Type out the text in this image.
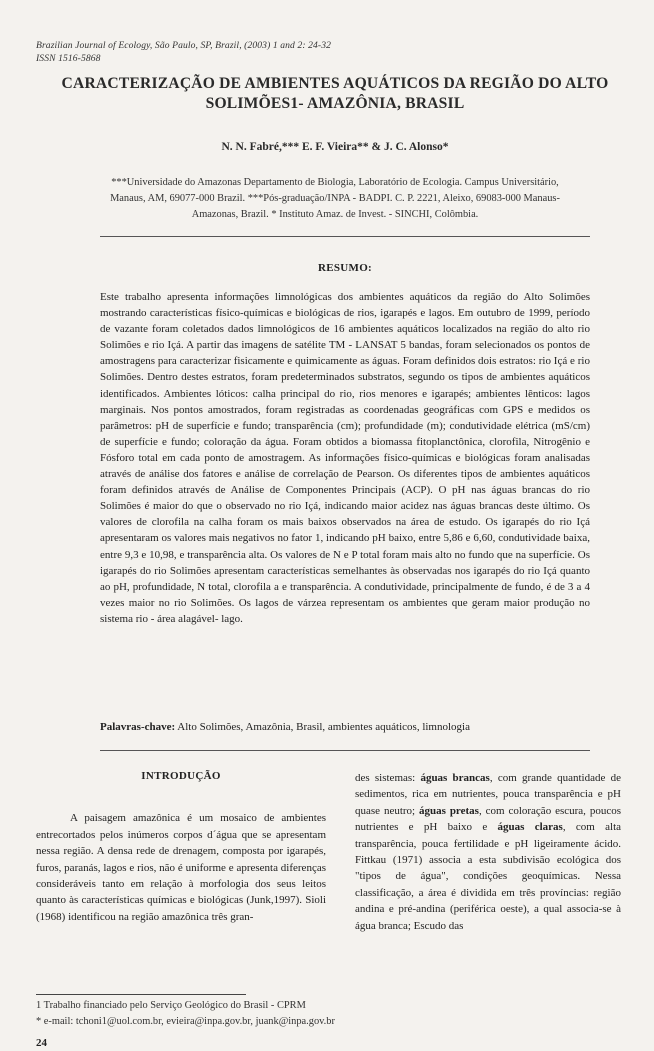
Brazilian Journal of Ecology, São Paulo, SP, Brazil, (2003) 1 and 2: 24-32
ISSN 1516-5868
CARACTERIZAÇÃO DE AMBIENTES AQUÁTICOS DA REGIÃO DO ALTO
SOLIMÕES1- AMAZÔNIA, BRASIL
N. N. Fabré,*** E. F. Vieira** & J. C. Alonso*
***Universidade do Amazonas Departamento de Biologia, Laboratório de Ecologia. Campus Universitário,
Manaus, AM, 69077-000 Brazil. ***Pós-graduação/INPA - BADPI. C. P. 2221, Aleixo, 69083-000 Manaus-
Amazonas, Brazil. * Instituto Amaz. de Invest. - SINCHI, Colômbia.
RESUMO:

Este trabalho apresenta informações limnológicas dos ambientes aquáticos da região do Alto Solimões mostrando características físico-químicas e biológicas de rios, igarapés e lagos. Em outubro de 1999, período de vazante foram coletados dados limnológicos de 16 ambientes aquáticos localizados na região do alto rio Solimões e rio Içá. A partir das imagens de satélite TM - LANSAT 5 bandas, foram selecionados os pontos de amostragens para caracterizar fisicamente e quimicamente as águas. Foram definidos dois estratos: rio Içá e rio Solimões. Dentro destes estratos, foram predeterminados substratos, segundo os tipos de ambientes aquáticos identificados. Ambientes lóticos: calha principal do rio, rios menores e igarapés; ambientes lênticos: lagos marginais. Nos pontos amostrados, foram registradas as coordenadas geográficas com GPS e medidos os parâmetros: pH de superfície e fundo; transparência (cm); profundidade (m); condutividade elétrica (mS/cm) de superfície e fundo; coloração da água. Foram obtidos a biomassa fitoplanctônica, clorofila, Nitrogênio e Fósforo total em cada ponto de amostragem. As informações físico-químicas e biológicas foram analisadas através de análise dos fatores e análise de correlação de Pearson. Os diferentes tipos de ambientes aquáticos foram definidos através de Análise de Componentes Principais (ACP). O pH nas águas brancas do rio Solimões é maior do que o observado no rio Içá, indicando maior acidez nas águas brancas deste último. Os valores de clorofila na calha foram os mais baixos observados na área de estudo. Os igarapés do rio Içá apresentaram os valores mais negativos no fator 1, indicando pH baixo, entre 5,86 e 6,60, condutividade baixa, entre 9,3 e 10,98, e transparência alta. Os valores de N e P total foram mais alto no fundo que na superfície. Os igarapés do rio Solimões apresentam características semelhantes às observadas nos igarapés do rio Içá quanto ao pH, profundidade, N total, clorofila a e transparência. A condutividade, principalmente de fundo, é de 3 a 4 vezes maior no rio Solimões. Os lagos de várzea representam os ambientes que geram maior produção no sistema rio - área alagável- lago.

Palavras-chave: Alto Solimões, Amazônia, Brasil, ambientes aquáticos, limnologia

INTRODUÇÃO

A paisagem amazônica é um mosaico de ambientes entrecortados pelos inúmeros corpos d´água que se apresentam nessa região. A densa rede de drenagem, composta por igarapés, furos, paranás, lagos e rios, não é uniforme e apresenta diferenças consideráveis tanto em relação à morfologia dos seus leitos quanto às características químicas e biológicas (Junk,1997). Sioli (1968) identificou na região amazônica três gran-

des sistemas: águas brancas, com grande quantidade de sedimentos, rica em nutrientes, pouca transparência e pH quase neutro; águas pretas, com coloração escura, poucos nutrientes e pH baixo e águas claras, com alta transparência, pouca fertilidade e pH ligeiramente ácido. Fittkau (1971) associa a esta subdivisão ecológica dos "tipos de água", condições geoquímicas. Nessa classificação, a área é dividida em três províncias: região andina e pré-andina (periférica oeste), a qual associa-se à água branca; Escudo das

1 Trabalho financiado pelo Serviço Geológico do Brasil - CPRM
* e-mail: tchoni1@uol.com.br, evieira@inpa.gov.br, juank@inpa.gov.br
24
